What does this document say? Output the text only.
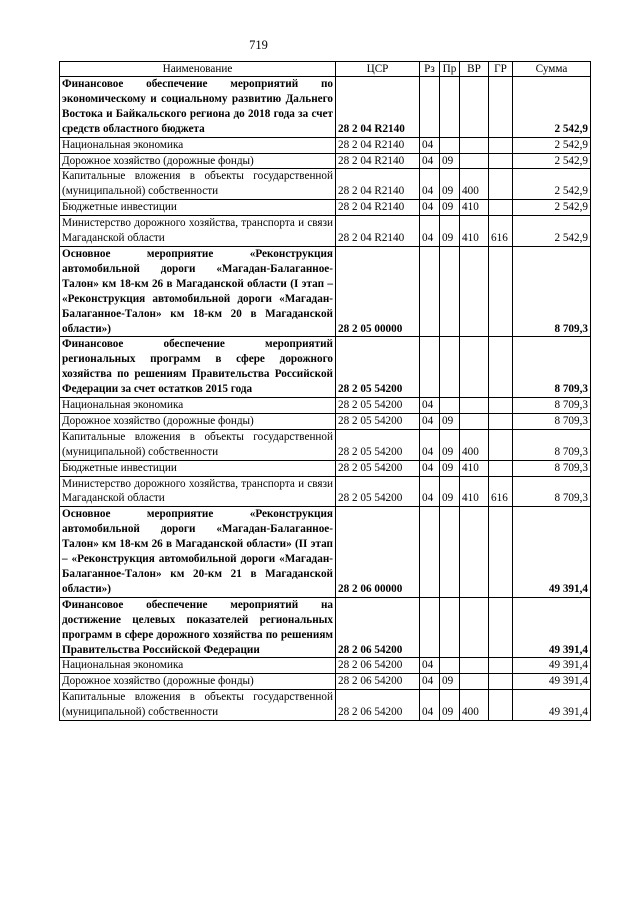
719
Наименование	ЦСР	Рз	Пр	ВР	ГР	Сумма
Финансовое обеспечение мероприятий по экономическому и социальному развитию Дальнего Востока и Байкальского региона до 2018 года за счет средств областного бюджета	28 2 04 R2140					2 542,9
Национальная экономика	28 2 04 R2140	04				2 542,9
Дорожное хозяйство (дорожные фонды)	28 2 04 R2140	04	09			2 542,9
Капитальные вложения в объекты государственной (муниципальной) собственности	28 2 04 R2140	04	09	400		2 542,9
Бюджетные инвестиции	28 2 04 R2140	04	09	410		2 542,9
Министерство дорожного хозяйства, транспорта и связи Магаданской области	28 2 04 R2140	04	09	410	616	2 542,9
Основное мероприятие «Реконструкция автомобильной дороги «Магадан-Балаганное-Талон» км 18-км 26 в Магаданской области (I этап – «Реконструкция автомобильной дороги «Магадан-Балаганное-Талон» км 18-км 20 в Магаданской области»)	28 2 05 00000					8 709,3
Финансовое обеспечение мероприятий региональных программ в сфере дорожного хозяйства по решениям Правительства Российской Федерации за счет остатков 2015 года	28 2 05 54200					8 709,3
Национальная экономика	28 2 05 54200	04				8 709,3
Дорожное хозяйство (дорожные фонды)	28 2 05 54200	04	09			8 709,3
Капитальные вложения в объекты государственной (муниципальной) собственности	28 2 05 54200	04	09	400		8 709,3
Бюджетные инвестиции	28 2 05 54200	04	09	410		8 709,3
Министерство дорожного хозяйства, транспорта и связи Магаданской области	28 2 05 54200	04	09	410	616	8 709,3
Основное мероприятие «Реконструкция автомобильной дороги «Магадан-Балаганное-Талон» км 18-км 26 в Магаданской области» (II этап – «Реконструкция автомобильной дороги «Магадан-Балаганное-Талон» км 20-км 21 в Магаданской области»)	28 2 06 00000					49 391,4
Финансовое обеспечение мероприятий на достижение целевых показателей региональных программ в сфере дорожного хозяйства по решениям Правительства Российской Федерации	28 2 06 54200					49 391,4
Национальная экономика	28 2 06 54200	04				49 391,4
Дорожное хозяйство (дорожные фонды)	28 2 06 54200	04	09			49 391,4
Капитальные вложения в объекты государственной (муниципальной) собственности	28 2 06 54200	04	09	400		49 391,4
